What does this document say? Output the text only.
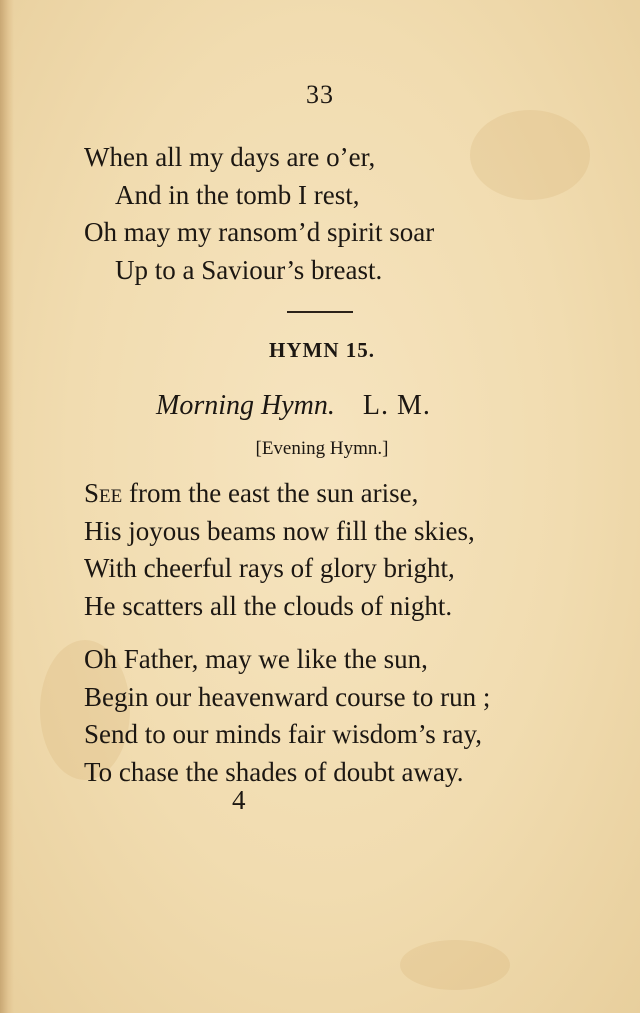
33
When all my days are o’er,
And in the tomb I rest,
Oh may my ransom’d spirit soar
Up to a Saviour’s breast.
HYMN 15.
Morning Hymn. L. M.
[Evening Hymn.]
See from the east the sun arise,
His joyous beams now fill the skies,
With cheerful rays of glory bright,
He scatters all the clouds of night.
Oh Father, may we like the sun,
Begin our heavenward course to run ;
Send to our minds fair wisdom’s ray,
To chase the shades of doubt away.
4
